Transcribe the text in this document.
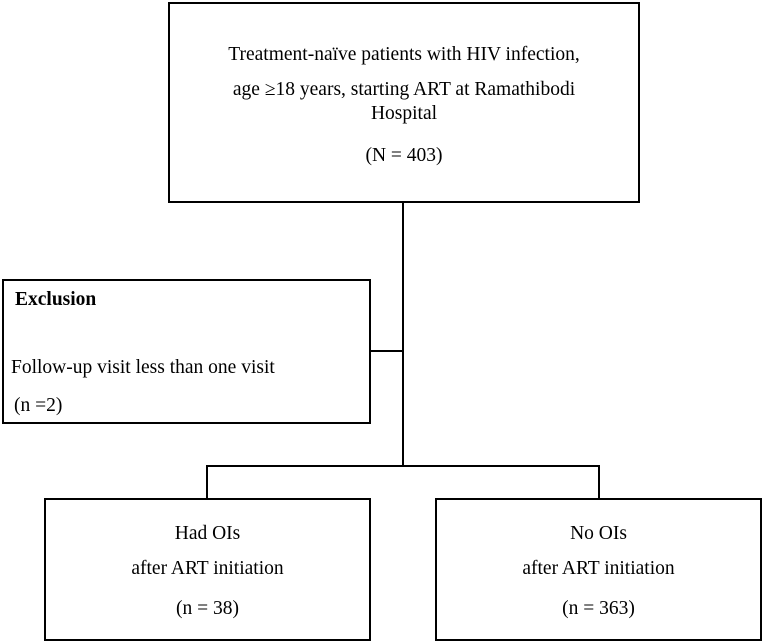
Treatment-naïve patients with HIV infection,
age ≥18 years, starting ART at Ramathibodi
Hospital
(N = 403)
Exclusion
Follow-up visit less than one visit
(n =2)
Had OIs
after ART initiation
(n = 38)
No OIs
after ART initiation
(n = 363)
